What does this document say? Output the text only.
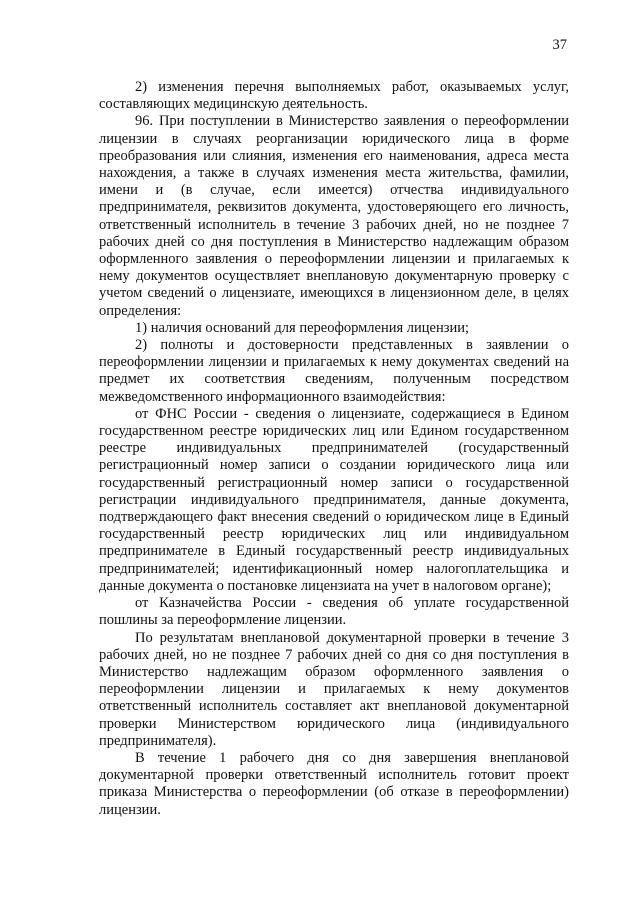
37

2) изменения перечня выполняемых работ, оказываемых услуг, составляющих медицинскую деятельность.

96. При поступлении в Министерство заявления о переоформлении лицензии в случаях реорганизации юридического лица в форме преобразования или слияния, изменения его наименования, адреса места нахождения, а также в случаях изменения места жительства, фамилии, имени и (в случае, если имеется) отчества индивидуального предпринимателя, реквизитов документа, удостоверяющего его личность, ответственный исполнитель в течение 3 рабочих дней, но не позднее 7 рабочих дней со дня поступления в Министерство надлежащим образом оформленного заявления о переоформлении лицензии и прилагаемых к нему документов осуществляет внеплановую документарную проверку с учетом сведений о лицензиате, имеющихся в лицензионном деле, в целях определения:

1) наличия оснований для переоформления лицензии;

2) полноты и достоверности представленных в заявлении о переоформлении лицензии и прилагаемых к нему документах сведений на предмет их соответствия сведениям, полученным посредством межведомственного информационного взаимодействия:

от ФНС России - сведения о лицензиате, содержащиеся в Едином государственном реестре юридических лиц или Едином государственном реестре индивидуальных предпринимателей (государственный регистрационный номер записи о создании юридического лица или государственный регистрационный номер записи о государственной регистрации индивидуального предпринимателя, данные документа, подтверждающего факт внесения сведений о юридическом лице в Единый государственный реестр юридических лиц или индивидуальном предпринимателе в Единый государственный реестр индивидуальных предпринимателей; идентификационный номер налогоплательщика и данные документа о постановке лицензиата на учет в налоговом органе);

от Казначейства России - сведения об уплате государственной пошлины за переоформление лицензии.

По результатам внеплановой документарной проверки в течение 3 рабочих дней, но не позднее 7 рабочих дней со дня со дня поступления в Министерство надлежащим образом оформленного заявления о переоформлении лицензии и прилагаемых к нему документов ответственный исполнитель составляет акт внеплановой документарной проверки Министерством юридического лица (индивидуального предпринимателя).

В течение 1 рабочего дня со дня завершения внеплановой документарной проверки ответственный исполнитель готовит проект приказа Министерства о переоформлении (об отказе в переоформлении) лицензии.
